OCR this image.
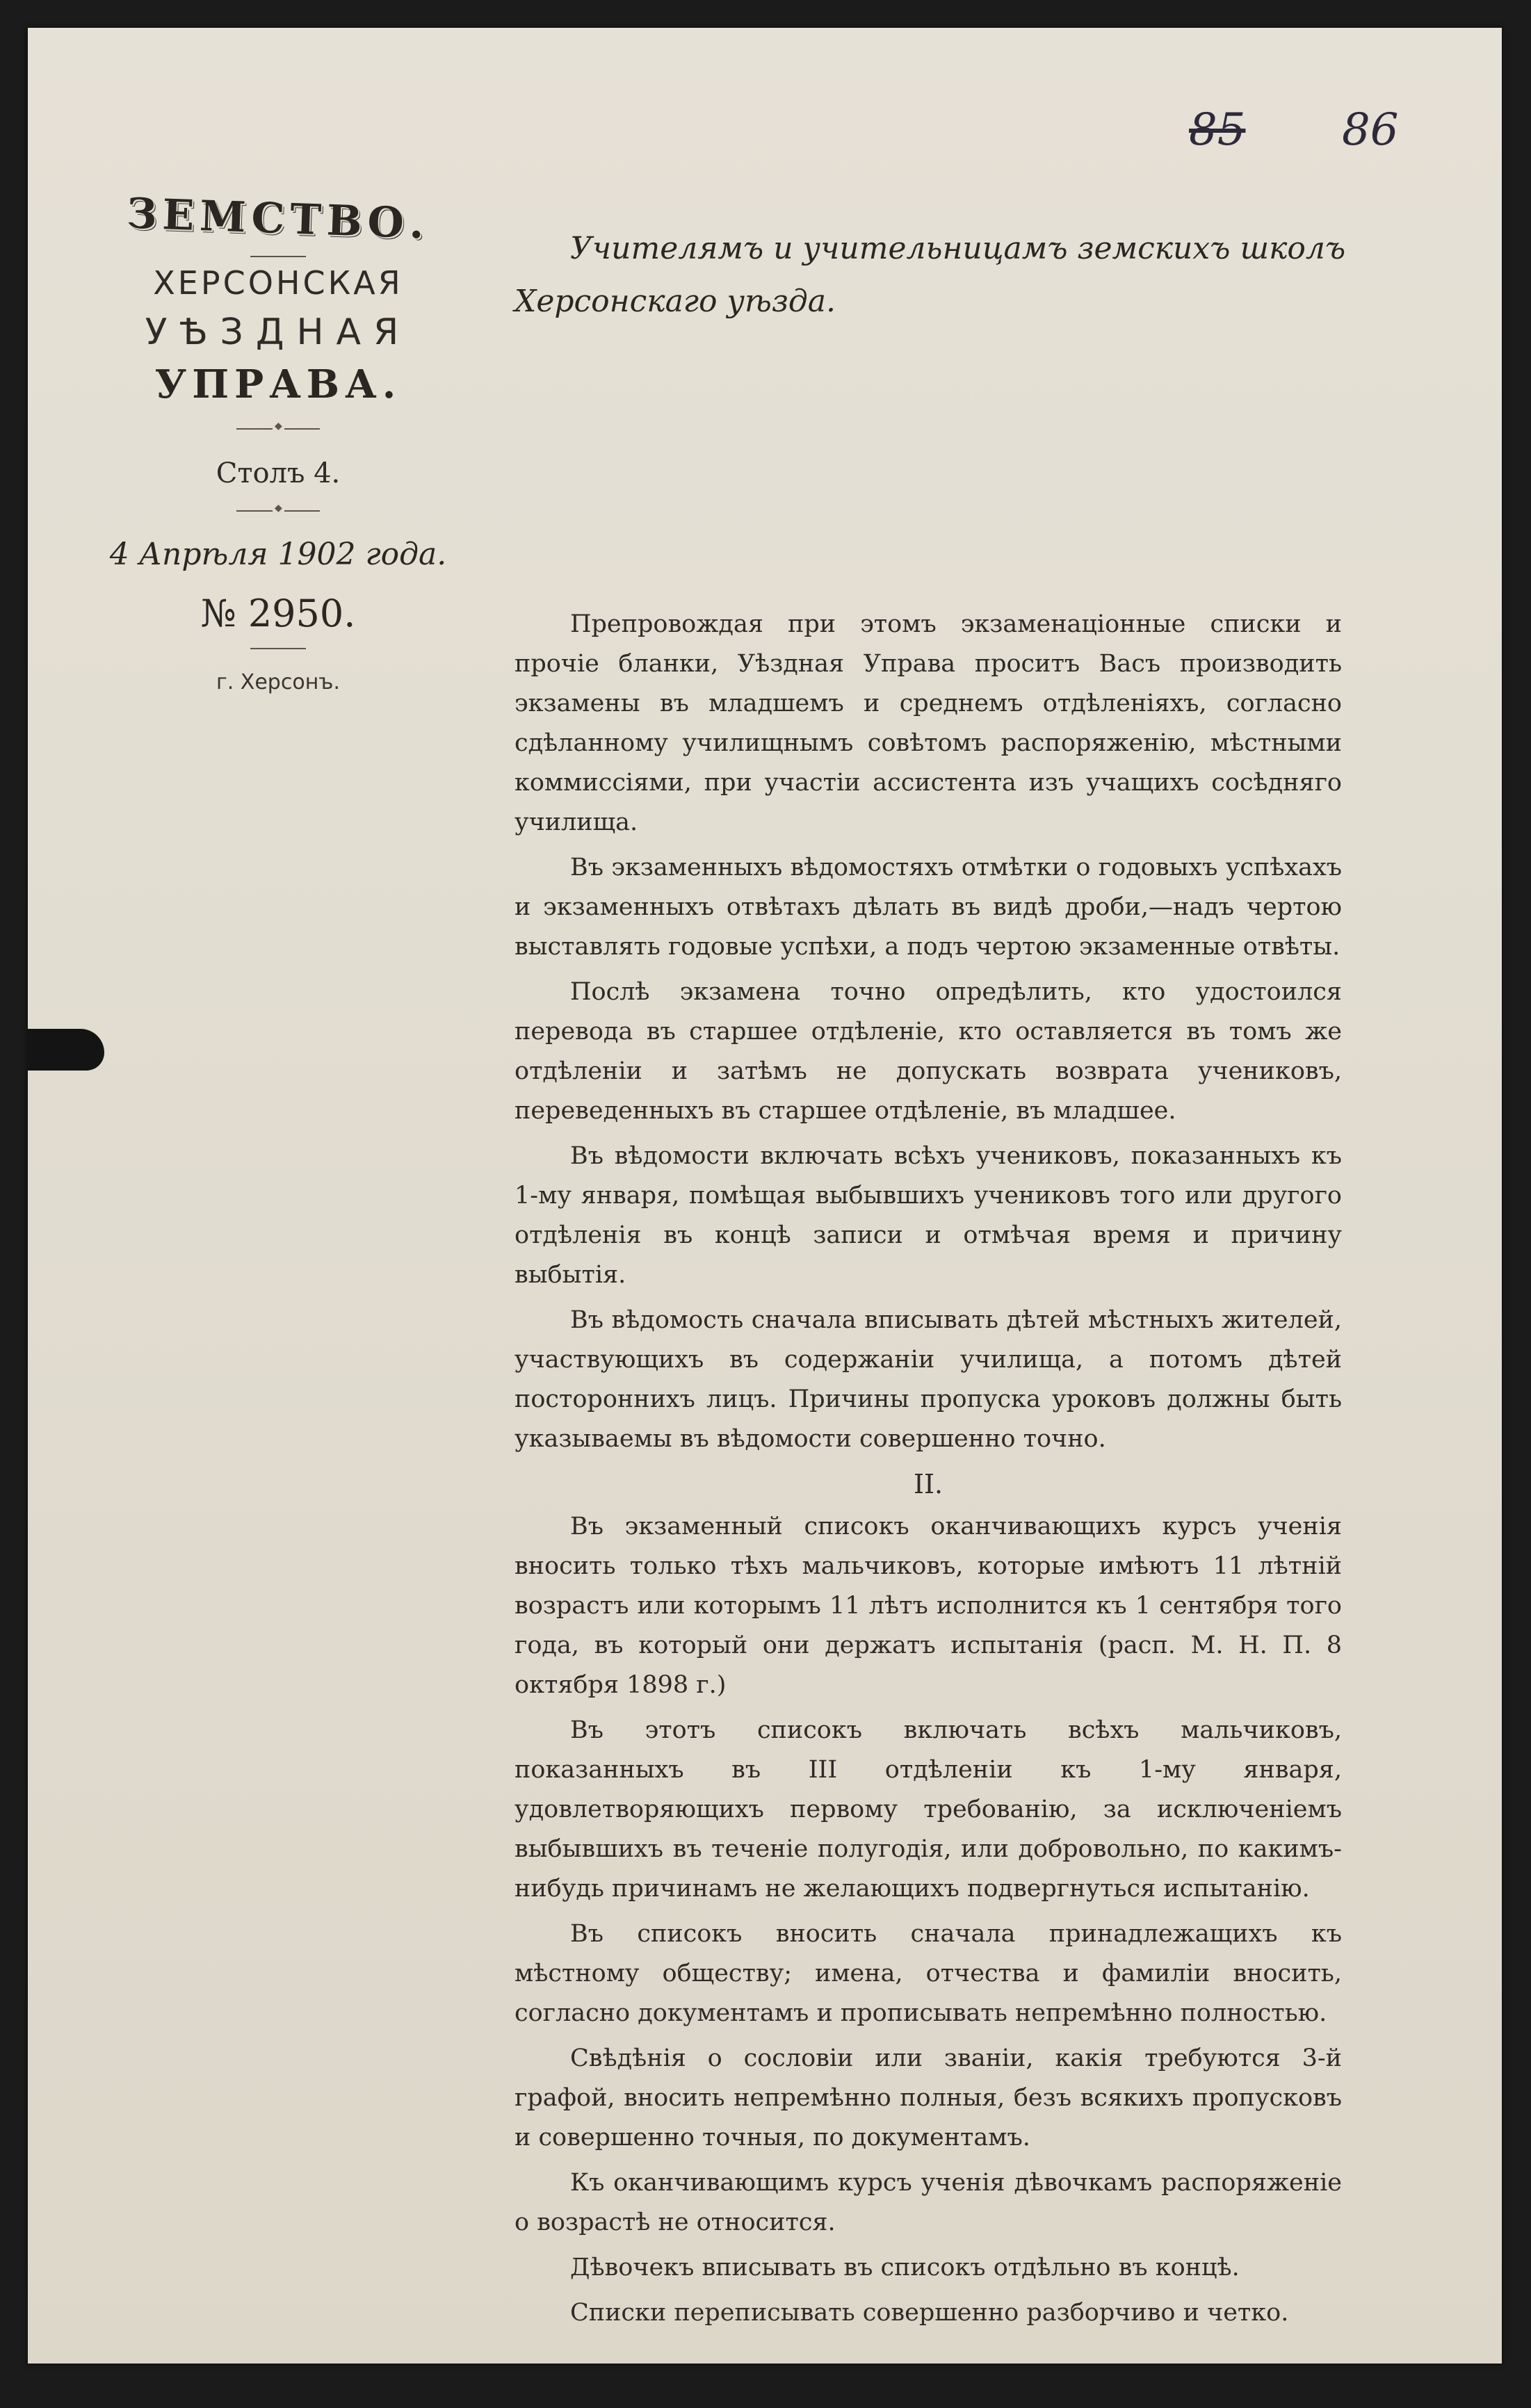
85 86
ЗЕМСТВО.
ХЕРСОНСКАЯ
УѢЗДНАЯ
УПРАВА.
◆
Столъ 4.
◆
4 Апрѣля 1902 года.
№ 2950.
г. Херсонъ.
Учителямъ и учительницамъ земскихъ школъ
Херсонскаго уѣзда.

Препровождая при этомъ экзаменаціонные списки и прочіе бланки, Уѣздная Управа проситъ Васъ производить экзамены въ младшемъ и среднемъ отдѣленіяхъ, согласно сдѣланному училищнымъ совѣтомъ распоряженію, мѣстными коммиссіями, при участіи ассистента изъ учащихъ сосѣдняго училища.

Въ экзаменныхъ вѣдомостяхъ отмѣтки о годовыхъ успѣхахъ и экзаменныхъ отвѣтахъ дѣлать въ видѣ дроби,—надъ чертою выставлять годовые успѣхи, а подъ чертою экзаменные отвѣты.

Послѣ экзамена точно опредѣлить, кто удостоился перевода въ старшее отдѣленіе, кто оставляется въ томъ же отдѣленіи и затѣмъ не допускать возврата учениковъ, переведенныхъ въ старшее отдѣленіе, въ младшее.

Въ вѣдомости включать всѣхъ учениковъ, показанныхъ къ 1-му января, помѣщая выбывшихъ учениковъ того или другого отдѣленія въ концѣ записи и отмѣчая время и причину выбытія.

Въ вѣдомость сначала вписывать дѣтей мѣстныхъ жителей, участвующихъ въ содержаніи училища, а потомъ дѣтей постороннихъ лицъ. Причины пропуска уроковъ должны быть указываемы въ вѣдомости совершенно точно.

II.

Въ экзаменный списокъ оканчивающихъ курсъ ученія вносить только тѣхъ мальчиковъ, которые имѣютъ 11 лѣтній возрастъ или которымъ 11 лѣтъ исполнится къ 1 сентября того года, въ который они держатъ испытанія (расп. М. Н. П. 8 октября 1898 г.)

Въ этотъ списокъ включать всѣхъ мальчиковъ, показанныхъ въ III отдѣленіи къ 1-му января, удовлетворяющихъ первому требованію, за исключеніемъ выбывшихъ въ теченіе полугодія, или добровольно, по какимъ-нибудь причинамъ не желающихъ подвергнуться испытанію.

Въ списокъ вносить сначала принадлежащихъ къ мѣстному обществу; имена, отчества и фамиліи вносить, согласно документамъ и прописывать непремѣнно полностью.

Свѣдѣнія о сословіи или званіи, какія требуются 3-й графой, вносить непремѣнно полныя, безъ всякихъ пропусковъ и совершенно точныя, по документамъ.

Къ оканчивающимъ курсъ ученія дѣвочкамъ распоряженіе о возрастѣ не относится.

Дѣвочекъ вписывать въ списокъ отдѣльно въ концѣ.

Списки переписывать совершенно разборчиво и четко.
